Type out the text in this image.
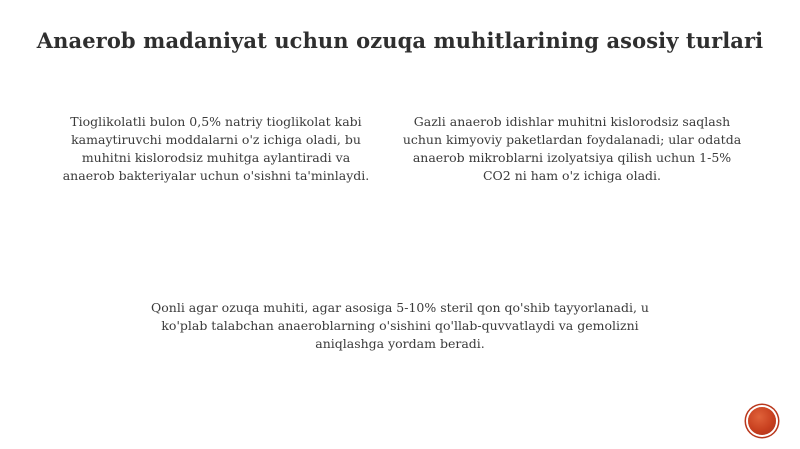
Anaerob madaniyat uchun ozuqa muhitlarining asosiy turlari
Tioglikolatli bulon 0,5% natriy tioglikolat kabi kamaytiruvchi moddalarni o'z ichiga oladi, bu muhitni kislorodsiz muhitga aylantiradi va anaerob bakteriyalar uchun o'sishni ta'minlaydi.
Gazli anaerob idishlar muhitni kislorodsiz saqlash uchun kimyoviy paketlardan foydalanadi; ular odatda anaerob mikroblarni izolyatsiya qilish uchun 1-5% CO2 ni ham o'z ichiga oladi.
Qonli agar ozuqa muhiti, agar asosiga 5-10% steril qon qo'shib tayyorlanadi, u ko'plab talabchan anaeroblarning o'sishini qo'llab-quvvatlaydi va gemolizni aniqlashga yordam beradi.
